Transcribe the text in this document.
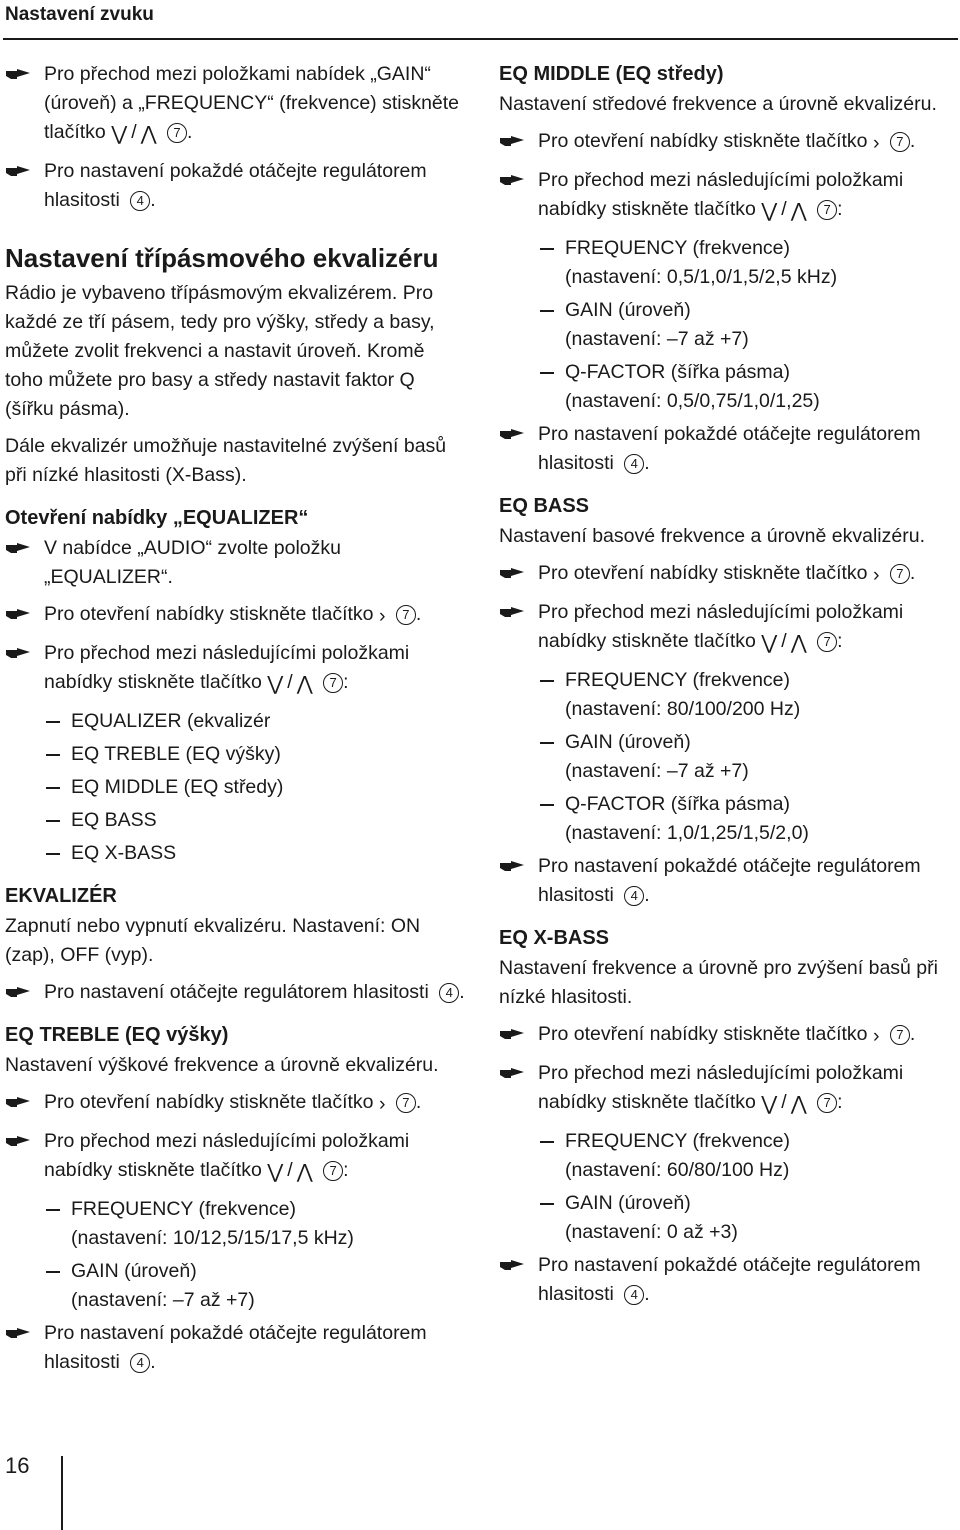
Nastavení zvuku
Pro přechod mezi položkami nabídek „GAIN“ (úroveň) a „FREQUENCY“ (frekvence) stiskněte tlačítko ⋁ / ⋀ 7 .
Pro nastavení pokaždé otáčejte regulátorem hlasitosti 4 .
Nastavení třípásmového ekvalizéru

Rádio je vybaveno třípásmovým ekvalizérem. Pro každé ze tří pásem, tedy pro výšky, středy a basy, můžete zvolit frekvenci a nastavit úroveň. Kromě toho můžete pro basy a středy nastavit faktor Q (šířku pásma).

Dále ekvalizér umožňuje nastavitelné zvýšení basů při nízké hlasitosti (X-Bass).

Otevření nabídky „EQUALIZER“
V nabídce „AUDIO“ zvolte položku „EQUALIZER“.
Pro otevření nabídky stiskněte tlačítko › 7 .
Pro přechod mezi následujícími položkami nabídky stiskněte tlačítko ⋁ / ⋀ 7 :
EQUALIZER (ekvalizér
EQ TREBLE (EQ výšky)
EQ MIDDLE (EQ středy)
EQ BASS
EQ X-BASS
EKVALIZÉR

Zapnutí nebo vypnutí ekvalizéru. Nastavení: ON (zap), OFF (vyp).

Pro nastavení otáčejte regulátorem hlasitosti 4 .
EQ TREBLE (EQ výšky)

Nastavení výškové frekvence a úrovně ekvalizéru.

Pro otevření nabídky stiskněte tlačítko › 7 .
Pro přechod mezi následujícími položkami nabídky stiskněte tlačítko ⋁ / ⋀ 7 :
FREQUENCY (frekvence)
(nastavení: 10/12,5/15/17,5 kHz)
GAIN (úroveň)
(nastavení: –7 až +7)
Pro nastavení pokaždé otáčejte regulátorem hlasitosti 4 .
EQ MIDDLE (EQ středy)

Nastavení středové frekvence a úrovně ekvalizéru.

Pro otevření nabídky stiskněte tlačítko › 7 .
Pro přechod mezi následujícími položkami nabídky stiskněte tlačítko ⋁ / ⋀ 7 :
FREQUENCY (frekvence)
(nastavení: 0,5/1,0/1,5/2,5 kHz)
GAIN (úroveň)
(nastavení: –7 až +7)
Q-FACTOR (šířka pásma)
(nastavení: 0,5/0,75/1,0/1,25)
Pro nastavení pokaždé otáčejte regulátorem hlasitosti 4 .
EQ BASS

Nastavení basové frekvence a úrovně ekvalizéru.

Pro otevření nabídky stiskněte tlačítko › 7 .
Pro přechod mezi následujícími položkami nabídky stiskněte tlačítko ⋁ / ⋀ 7 :
FREQUENCY (frekvence)
(nastavení: 80/100/200 Hz)
GAIN (úroveň)
(nastavení: –7 až +7)
Q-FACTOR (šířka pásma)
(nastavení: 1,0/1,25/1,5/2,0)
Pro nastavení pokaždé otáčejte regulátorem hlasitosti 4 .
EQ X-BASS

Nastavení frekvence a úrovně pro zvýšení basů při nízké hlasitosti.

Pro otevření nabídky stiskněte tlačítko › 7 .
Pro přechod mezi následujícími položkami nabídky stiskněte tlačítko ⋁ / ⋀ 7 :
FREQUENCY (frekvence)
(nastavení: 60/80/100 Hz)
GAIN (úroveň)
(nastavení: 0 až +3)
Pro nastavení pokaždé otáčejte regulátorem hlasitosti 4 .
16
